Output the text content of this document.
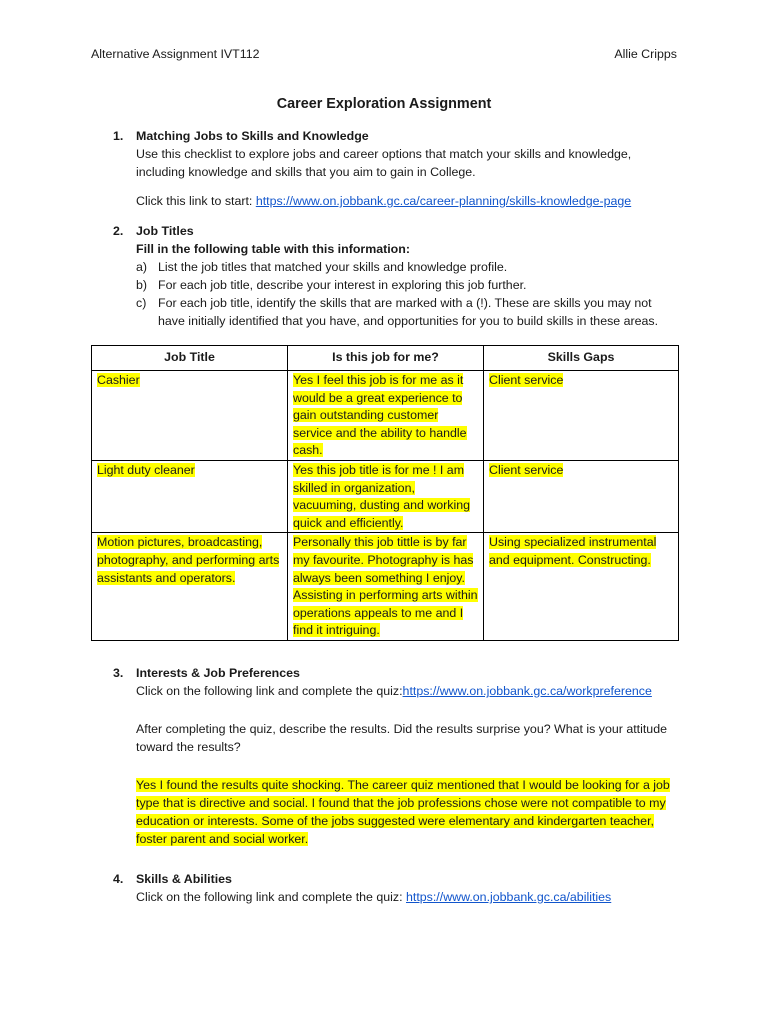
Alternative Assignment IVT112	Allie Cripps
Career Exploration Assignment
1. Matching Jobs to Skills and Knowledge
Use this checklist to explore jobs and career options that match your skills and knowledge, including knowledge and skills that you aim to gain in College.
Click this link to start: https://www.on.jobbank.gc.ca/career-planning/skills-knowledge-page
2. Job Titles
Fill in the following table with this information:
a) List the job titles that matched your skills and knowledge profile.
b) For each job title, describe your interest in exploring this job further.
c) For each job title, identify the skills that are marked with a (!). These are skills you may not have initially identified that you have, and opportunities for you to build skills in these areas.
Job Title	Is this job for me?	Skills Gaps
Cashier	Yes I feel this job is for me as it would be a great experience to gain outstanding customer service and the ability to handle cash.	Client service
Light duty cleaner	Yes this job title is for me ! I am skilled in organization, vacuuming, dusting and working quick and efficiently.	Client service
Motion pictures, broadcasting, photography, and performing arts assistants and operators.	Personally this job tittle is by far my favourite. Photography is has always been something I enjoy. Assisting in performing arts within operations appeals to me and I find it intriguing.	Using specialized instrumental and equipment. Constructing.
3. Interests & Job Preferences
Click on the following link and complete the quiz:https://www.on.jobbank.gc.ca/workpreference
After completing the quiz, describe the results. Did the results surprise you? What is your attitude toward the results?
Yes I found the results quite shocking. The career quiz mentioned that I would be looking for a job type that is directive and social. I found that the job professions chose were not compatible to my education or interests. Some of the jobs suggested were elementary and kindergarten teacher, foster parent and social worker.
4. Skills & Abilities
Click on the following link and complete the quiz: https://www.on.jobbank.gc.ca/abilities
